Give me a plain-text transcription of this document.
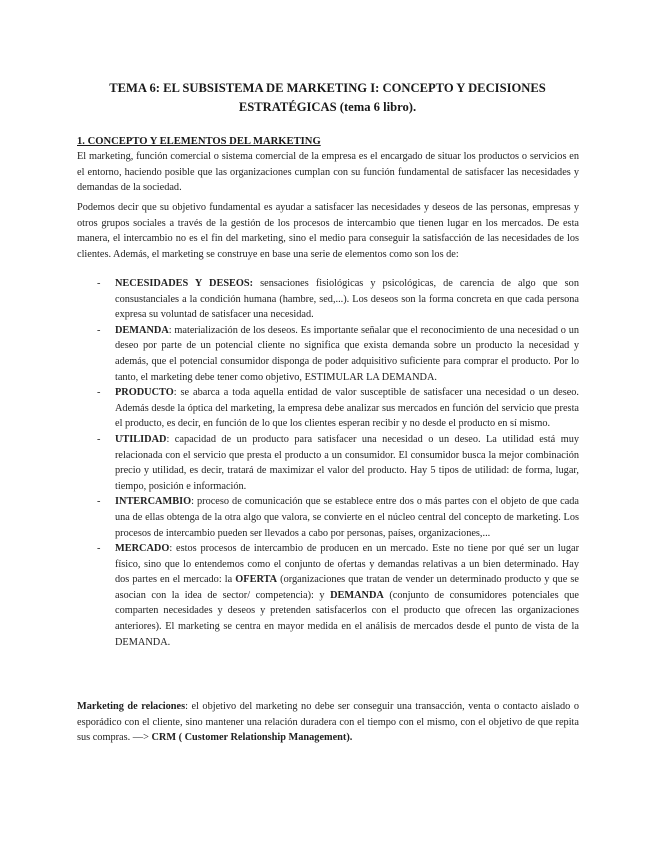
TEMA 6: EL SUBSISTEMA DE MARKETING I: CONCEPTO Y DECISIONES
ESTRATÉGICAS (tema 6 libro).
1. CONCEPTO Y ELEMENTOS DEL MARKETING

El marketing, función comercial o sistema comercial de la empresa es el encargado de situar los productos o servicios en el entorno, haciendo posible que las organizaciones cumplan con su función fundamental de satisfacer las necesidades y demandas de la sociedad.

Podemos decir que su objetivo fundamental es ayudar a satisfacer las necesidades y deseos de las personas, empresas y otros grupos sociales a través de la gestión de los procesos de intercambio que tienen lugar en los mercados. De esta manera, el intercambio no es el fin del marketing, sino el medio para conseguir la satisfacción de las necesidades de los clientes. Además, el marketing se construye en base una serie de elementos como son los de:

- NECESIDADES Y DESEOS: sensaciones fisiológicas y psicológicas, de carencia de algo que son consustanciales a la condición humana (hambre, sed,...). Los deseos son la forma concreta en que cada persona expresa su voluntad de satisfacer una necesidad.
- DEMANDA: materialización de los deseos. Es importante señalar que el reconocimiento de una necesidad o un deseo por parte de un potencial cliente no significa que exista demanda sobre un producto la necesidad y además, que el potencial consumidor disponga de poder adquisitivo suficiente para comprar el producto. Por lo tanto, el marketing debe tener como objetivo, ESTIMULAR LA DEMANDA.
- PRODUCTO: se abarca a toda aquella entidad de valor susceptible de satisfacer una necesidad o un deseo. Además desde la óptica del marketing, la empresa debe analizar sus mercados en función del servicio que presta el producto, es decir, en función de lo que los clientes esperan recibir y no desde el producto en sí mismo.
- UTILIDAD: capacidad de un producto para satisfacer una necesidad o un deseo. La utilidad está muy relacionada con el servicio que presta el producto a un consumidor. El consumidor busca la mejor combinación precio y utilidad, es decir, tratará de maximizar el valor del producto. Hay 5 tipos de utilidad: de forma, lugar, tiempo, posición e información.
- INTERCAMBIO: proceso de comunicación que se establece entre dos o más partes con el objeto de que cada una de ellas obtenga de la otra algo que valora, se convierte en el núcleo central del concepto de marketing. Los procesos de intercambio pueden ser llevados a cabo por personas, países, organizaciones,...
- MERCADO: estos procesos de intercambio de producen en un mercado. Este no tiene por qué ser un lugar físico, sino que lo entendemos como el conjunto de ofertas y demandas relativas a un bien determinado. Hay dos partes en el mercado: la OFERTA (organizaciones que tratan de vender un determinado producto y que se asocian con la idea de sector/ competencia): y DEMANDA (conjunto de consumidores potenciales que comparten necesidades y deseos y pretenden satisfacerlos con el producto que ofrecen las organizaciones anteriores). El marketing se centra en mayor medida en el análisis de mercados desde el punto de vista de la DEMANDA.

Marketing de relaciones: el objetivo del marketing no debe ser conseguir una transacción, venta o contacto aislado o esporádico con el cliente, sino mantener una relación duradera con el tiempo con el mismo, con el objetivo de que repita sus compras. —> CRM ( Customer Relationship Management).
